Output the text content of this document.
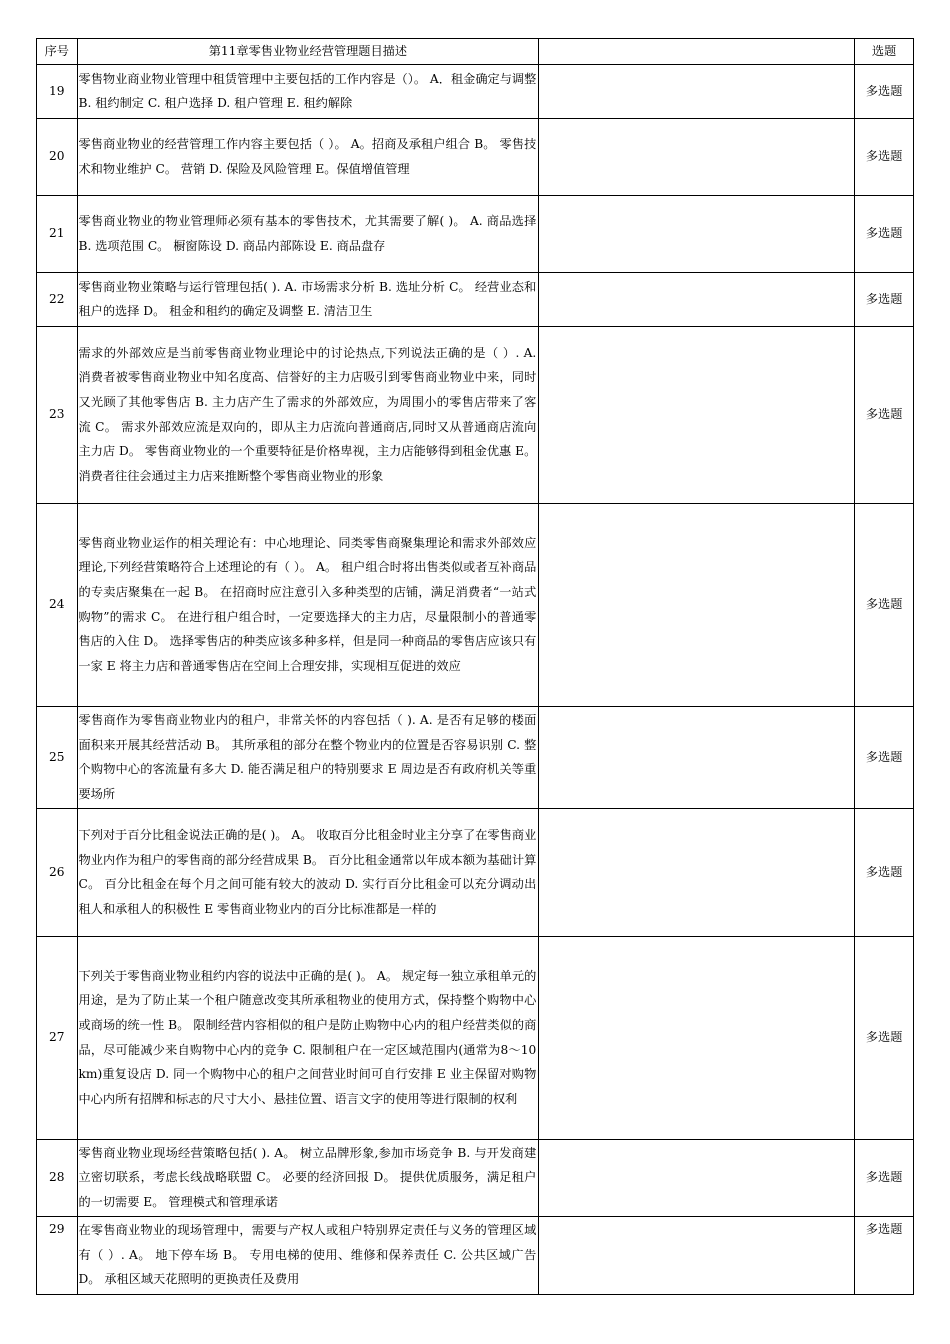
序号	第11章零售业物业经营管理题目描述		选题
19	零售物业商业物业管理中租赁管理中主要包括的工作内容是（）。 A．租金确定与调整 B. 租约制定 C. 租户选择 D. 租户管理 E. 租约解除		多选题
20	零售商业物业的经营管理工作内容主要包括（ ）。 A。招商及承租户组合 B。 零售技术和物业维护 C。 营销 D. 保险及风险管理 E。保值增值管理		多选题
21	零售商业物业的物业管理师必须有基本的零售技术，尤其需要了解( )。 A. 商品选择 B. 选项范围 C。 橱窗陈设 D. 商品内部陈设 E. 商品盘存		多选题
22	零售商业物业策略与运行管理包括( ). A. 市场需求分析 B. 选址分析 C。 经营业态和租户的选择 D。 租金和租约的确定及调整 E. 清洁卫生		多选题
23	需求的外部效应是当前零售商业物业理论中的讨论热点,下列说法正确的是（ ）. A. 消费者被零售商业物业中知名度高、信誉好的主力店吸引到零售商业物业中来，同时又光顾了其他零售店 B. 主力店产生了需求的外部效应，为周围小的零售店带来了客流 C。 需求外部效应流是双向的，即从主力店流向普通商店,同时又从普通商店流向主力店 D。 零售商业物业的一个重要特征是价格卑视，主力店能够得到租金优惠 E。消费者往往会通过主力店来推断整个零售商业物业的形象		多选题
24	零售商业物业运作的相关理论有：中心地理论、同类零售商聚集理论和需求外部效应理论,下列经营策略符合上述理论的有（ ）。 A。 租户组合时将出售类似或者互补商品的专卖店聚集在一起 B。 在招商时应注意引入多种类型的店铺，满足消费者“一站式购物”的需求 C。 在进行租户组合时，一定要选择大的主力店，尽量限制小的普通零售店的入住 D。 选择零售店的种类应该多种多样，但是同一种商品的零售店应该只有一家 E 将主力店和普通零售店在空间上合理安排，实现相互促进的效应		多选题
25	零售商作为零售商业物业内的租户，非常关怀的内容包括（ ). A. 是否有足够的楼面面积来开展其经营活动 B。 其所承租的部分在整个物业内的位置是否容易识别 C. 整个购物中心的客流量有多大 D. 能否满足租户的特别要求 E 周边是否有政府机关等重要场所		多选题
26	下列对于百分比租金说法正确的是( )。 A。 收取百分比租金时业主分享了在零售商业物业内作为租户的零售商的部分经营成果 B。 百分比租金通常以年成本额为基础计算 C。 百分比租金在每个月之间可能有较大的波动 D. 实行百分比租金可以充分调动出租人和承租人的积极性 E 零售商业物业内的百分比标准都是一样的		多选题
27	下列关于零售商业物业租约内容的说法中正确的是( )。 A。 规定每一独立承租单元的用途，是为了防止某一个租户随意改变其所承租物业的使用方式，保持整个购物中心或商场的统一性 B。 限制经营内容相似的租户是防止购物中心内的租户经营类似的商品，尽可能减少来自购物中心内的竞争 C. 限制租户在一定区域范围内(通常为8～10km)重复设店 D. 同一个购物中心的租户之间营业时间可自行安排 E 业主保留对购物中心内所有招牌和标志的尺寸大小、悬挂位置、语言文字的使用等进行限制的权利		多选题
28	零售商业物业现场经营策略包括( ). A。 树立品牌形象,参加市场竞争 B. 与开发商建立密切联系，考虑长线战略联盟 C。 必要的经济回报 D。 提供优质服务，满足租户的一切需要 E。 管理模式和管理承诺		多选题
29	在零售商业物业的现场管理中，需要与产权人或租户特别界定责任与义务的管理区域有（ ）. A。 地下停车场 B。 专用电梯的使用、维修和保养责任 C. 公共区域广告 D。 承租区域天花照明的更换责任及费用		多选题
